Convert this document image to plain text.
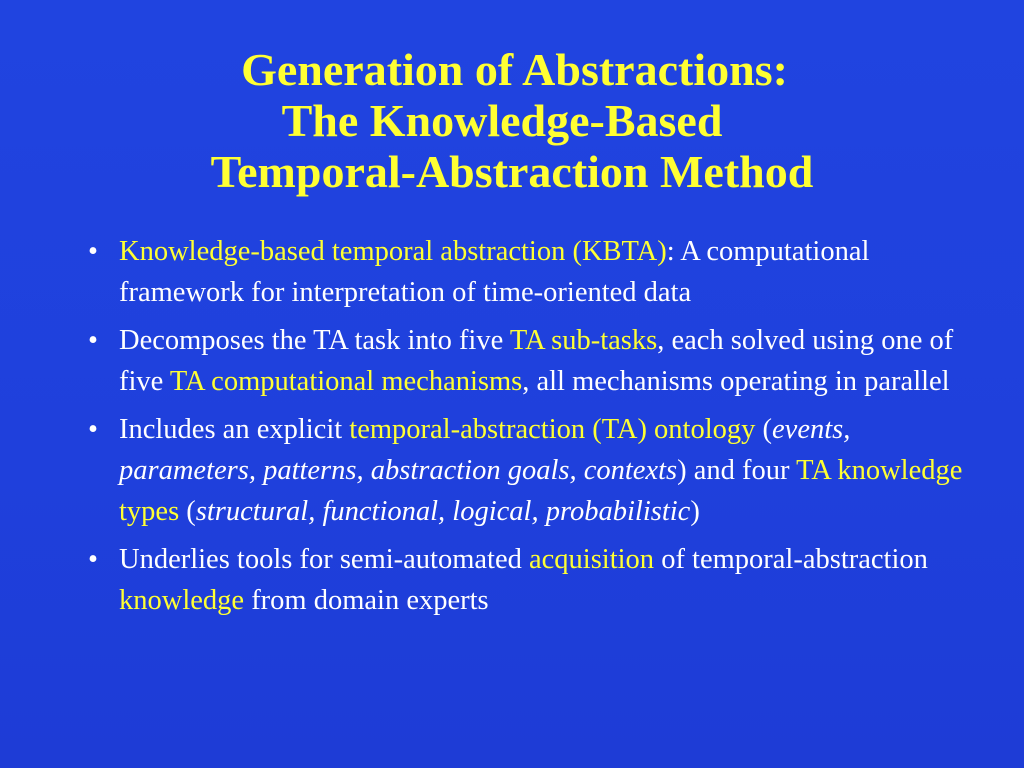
Generation of Abstractions:
The Knowledge-Based
Temporal-Abstraction Method
• Knowledge-based temporal abstraction (KBTA): A computational framework for interpretation of time-oriented data
• Decomposes the TA task into five TA sub-tasks, each solved using one of five TA computational mechanisms, all mechanisms operating in parallel
• Includes an explicit temporal-abstraction (TA) ontology (events, parameters, patterns, abstraction goals, contexts) and four TA knowledge types (structural, functional, logical, probabilistic)
• Underlies tools for semi-automated acquisition of temporal-abstraction knowledge from domain experts
